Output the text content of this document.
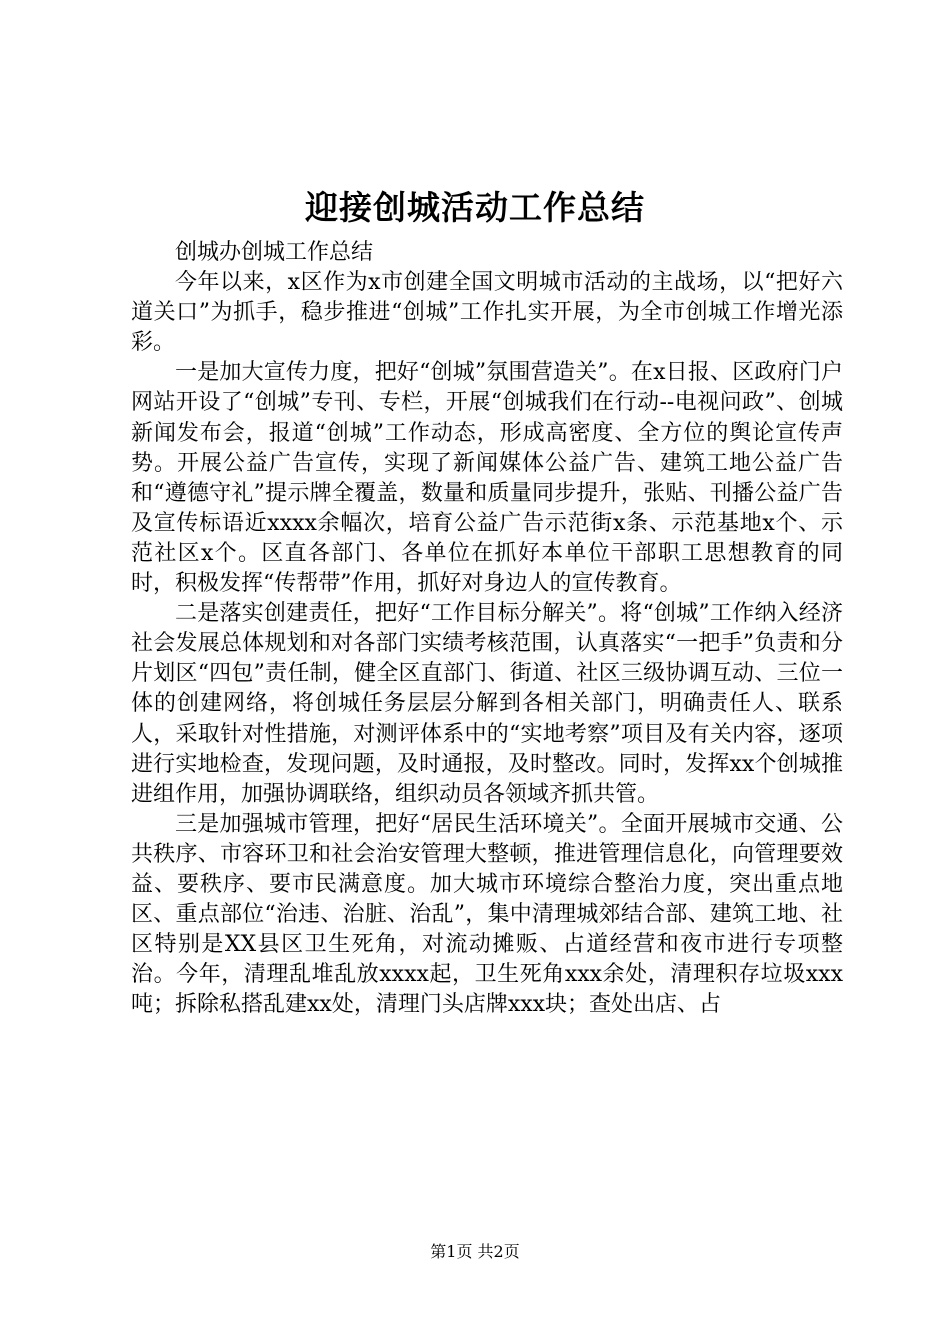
迎接创城活动工作总结

创城办创城工作总结

今年以来，x区作为x市创建全国文明城市活动的主战场，以“把好六道关口”为抓手，稳步推进“创城”工作扎实开展，为全市创城工作增光添彩。

一是加大宣传力度，把好“创城”氛围营造关”。在x日报、区政府门户网站开设了“创城”专刊、专栏，开展“创城我们在行动--电视问政”、创城新闻发布会，报道“创城”工作动态，形成高密度、全方位的舆论宣传声势。开展公益广告宣传，实现了新闻媒体公益广告、建筑工地公益广告和“遵德守礼”提示牌全覆盖，数量和质量同步提升，张贴、刊播公益广告及宣传标语近xxxx余幅次，培育公益广告示范街x条、示范基地x个、示范社区x个。区直各部门、各单位在抓好本单位干部职工思想教育的同时，积极发挥“传帮带”作用，抓好对身边人的宣传教育。

二是落实创建责任，把好“工作目标分解关”。将“创城”工作纳入经济社会发展总体规划和对各部门实绩考核范围，认真落实“一把手”负责和分片划区“四包”责任制，健全区直部门、街道、社区三级协调互动、三位一体的创建网络，将创城任务层层分解到各相关部门，明确责任人、联系人，采取针对性措施，对测评体系中的“实地考察”项目及有关内容，逐项进行实地检查，发现问题，及时通报，及时整改。同时，发挥xx个创城推进组作用，加强协调联络，组织动员各领域齐抓共管。

三是加强城市管理，把好“居民生活环境关”。全面开展城市交通、公共秩序、市容环卫和社会治安管理大整顿，推进管理信息化，向管理要效益、要秩序、要市民满意度。加大城市环境综合整治力度，突出重点地区、重点部位“治违、治脏、治乱”，集中清理城郊结合部、建筑工地、社区特别是XX县区卫生死角，对流动摊贩、占道经营和夜市进行专项整治。今年，清理乱堆乱放xxxx起，卫生死角xxx余处，清理积存垃圾xxx吨；拆除私搭乱建xx处，清理门头店牌xxx块；查处出店、占

第1页 共2页
